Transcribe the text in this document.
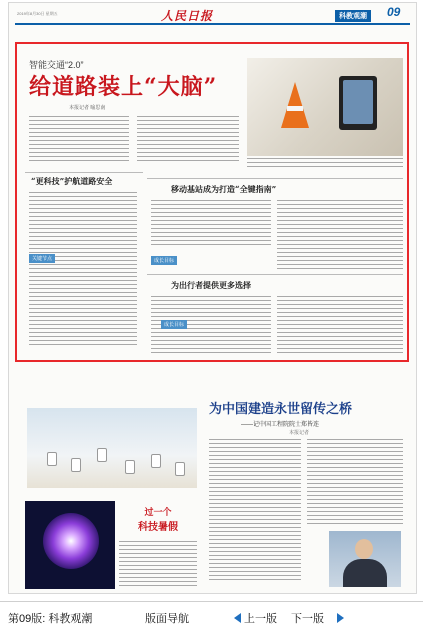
2019年8月30日 星期五	人民日报	科教观潮	09
智能交通“2.0”
给道路装上“大脑”
本报记者 喻思南
“更科技”护航道路安全
关键节点
移动基站成为打造“全键指南”
成长目标
为出行者提供更多选择
成长目标
为中国建造永世留传之桥
——记中国工程院院士郑皆连
本报记者
过一个
科技暑假
第09版: 科教观潮	版面导航	上一版 下一版
